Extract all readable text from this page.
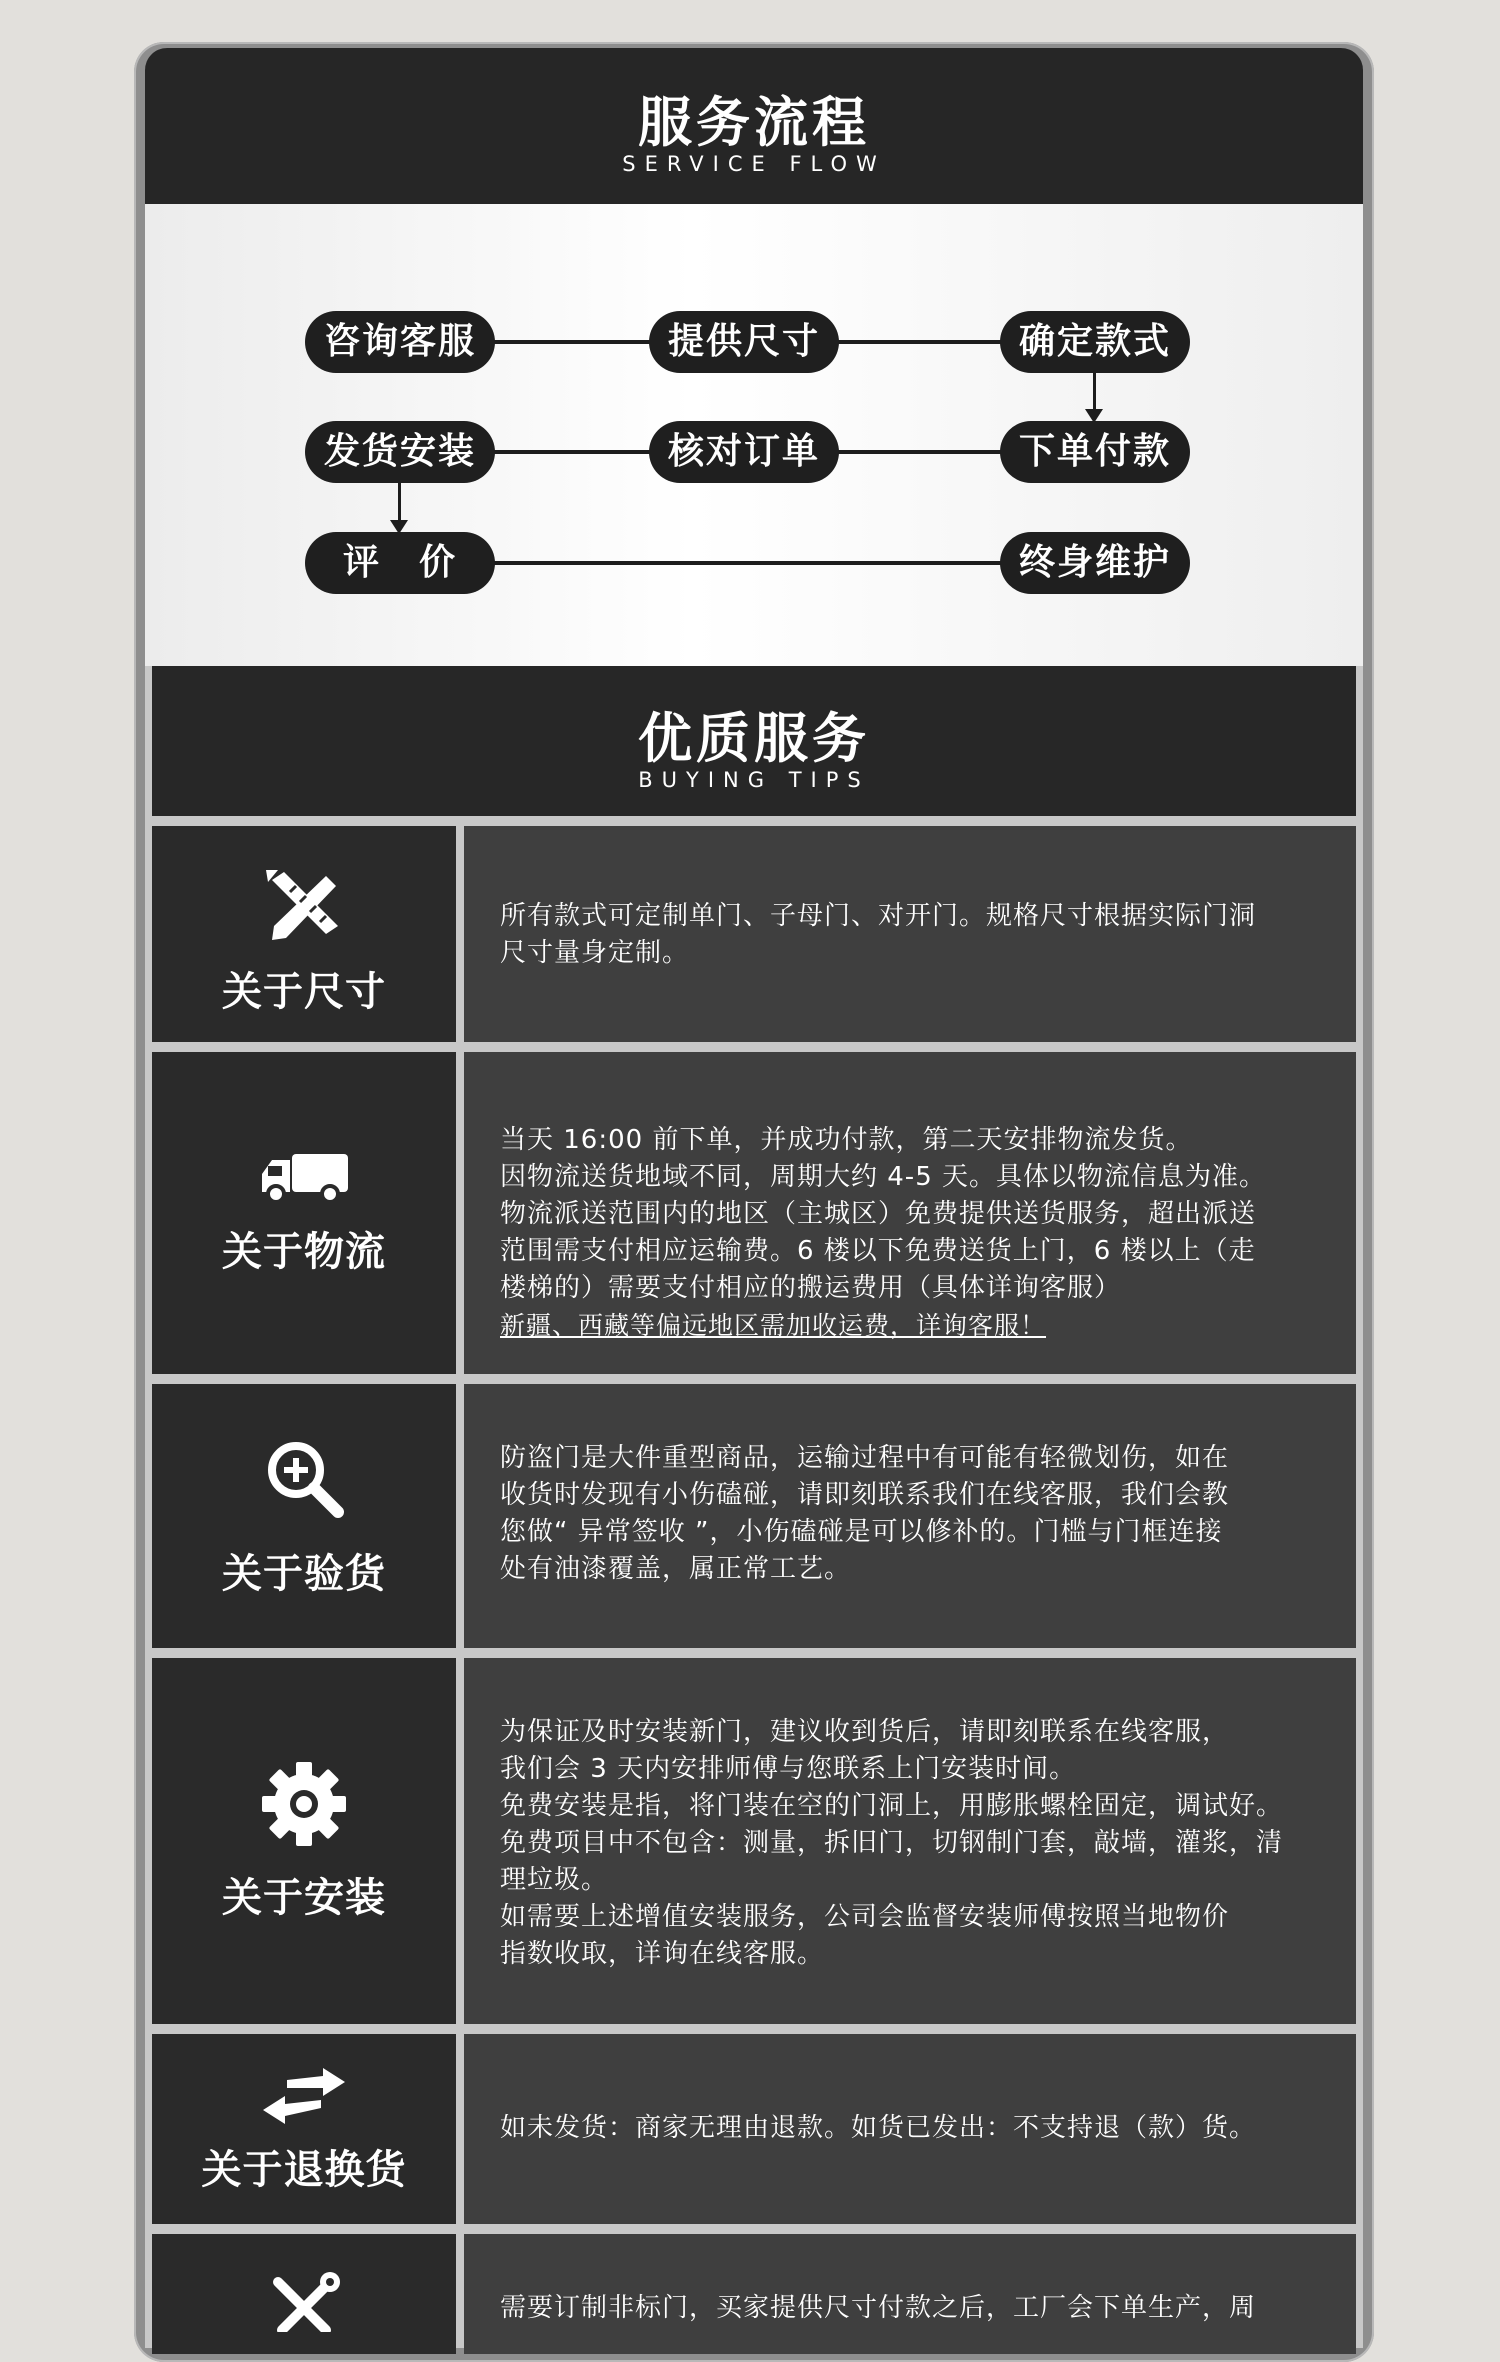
服务流程
SERVICE FLOW
咨询客服	提供尺寸	确定款式
下单付款
核对订单
发货安装
评　价	终身维护
优质服务
BUYING TIPS
关于尺寸
所有款式可定制单门、子母门、对开门。规格尺寸根据实际门洞
尺寸量身定制。
关于物流
当天 16:00 前下单，并成功付款，第二天安排物流发货。
因物流送货地域不同，周期大约 4-5 天。具体以物流信息为准。
物流派送范围内的地区（主城区）免费提供送货服务，超出派送
范围需支付相应运输费。6 楼以下免费送货上门，6 楼以上（走
楼梯的）需要支付相应的搬运费用（具体详询客服）
新疆、西藏等偏远地区需加收运费，详询客服！
关于验货
防盗门是大件重型商品，运输过程中有可能有轻微划伤，如在
收货时发现有小伤磕碰，请即刻联系我们在线客服，我们会教
您做“ 异常签收 ”，小伤磕碰是可以修补的。门槛与门框连接
处有油漆覆盖，属正常工艺。
关于安装
为保证及时安装新门，建议收到货后，请即刻联系在线客服，
我们会 3 天内安排师傅与您联系上门安装时间。
免费安装是指，将门装在空的门洞上，用膨胀螺栓固定，调试好。
免费项目中不包含：测量，拆旧门，切钢制门套，敲墙，灌浆，清
理垃圾。
如需要上述增值安装服务，公司会监督安装师傅按照当地物价
指数收取，详询在线客服。
关于退换货
如未发货：商家无理由退款。如货已发出：不支持退（款）货。
需要订制非标门，买家提供尺寸付款之后，工厂会下单生产，周
